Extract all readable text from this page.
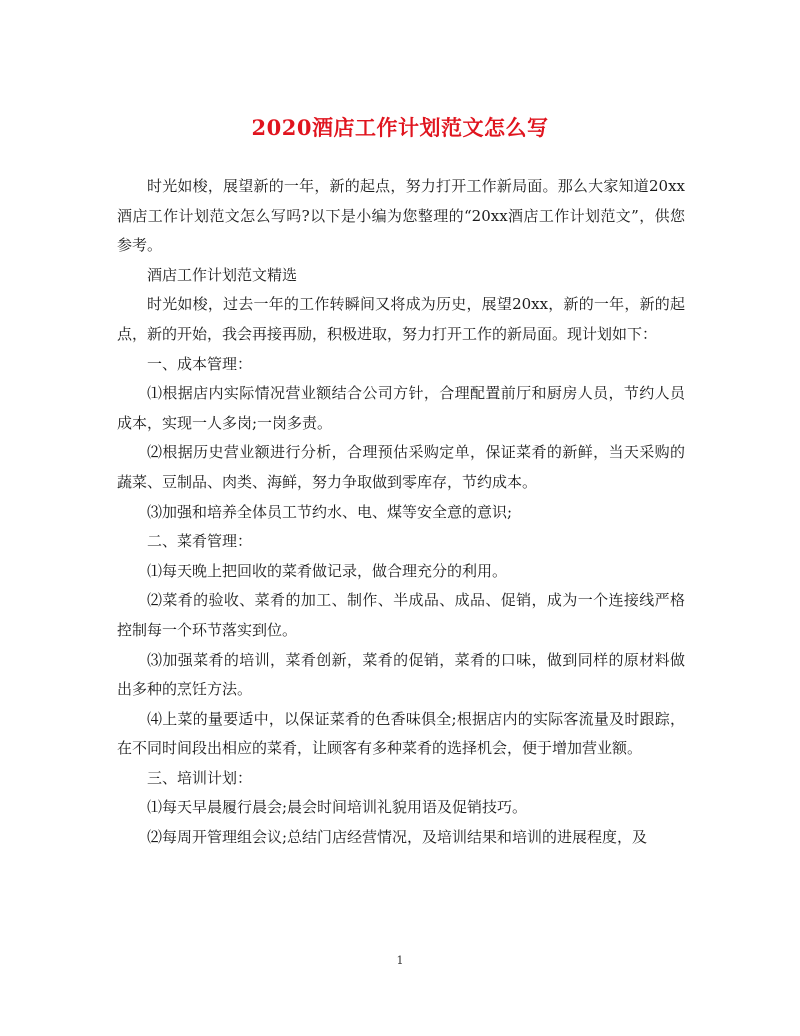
2020酒店工作计划范文怎么写

时光如梭，展望新的一年，新的起点，努力打开工作新局面。那么大家知道20xx酒店工作计划范文怎么写吗?以下是小编为您整理的“20xx酒店工作计划范文”，供您参考。

酒店工作计划范文精选

时光如梭，过去一年的工作转瞬间又将成为历史，展望20xx，新的一年，新的起点，新的开始，我会再接再励，积极进取，努力打开工作的新局面。现计划如下：

一、成本管理：

⑴根据店内实际情况营业额结合公司方针，合理配置前厅和厨房人员，节约人员成本，实现一人多岗;一岗多责。

⑵根据历史营业额进行分析，合理预估采购定单，保证菜肴的新鲜，当天采购的蔬菜、豆制品、肉类、海鲜，努力争取做到零库存，节约成本。

⑶加强和培养全体员工节约水、电、煤等安全意的意识;

二、菜肴管理：

⑴每天晚上把回收的菜肴做记录，做合理充分的利用。

⑵菜肴的验收、菜肴的加工、制作、半成品、成品、促销，成为一个连接线严格控制每一个环节落实到位。

⑶加强菜肴的培训，菜肴创新，菜肴的促销，菜肴的口味，做到同样的原材料做出多种的烹饪方法。

⑷上菜的量要适中，以保证菜肴的色香味俱全;根据店内的实际客流量及时跟踪，在不同时间段出相应的菜肴，让顾客有多种菜肴的选择机会，便于增加营业额。

三、培训计划：

⑴每天早晨履行晨会;晨会时间培训礼貌用语及促销技巧。

⑵每周开管理组会议;总结门店经营情况，及培训结果和培训的进展程度，及

1
